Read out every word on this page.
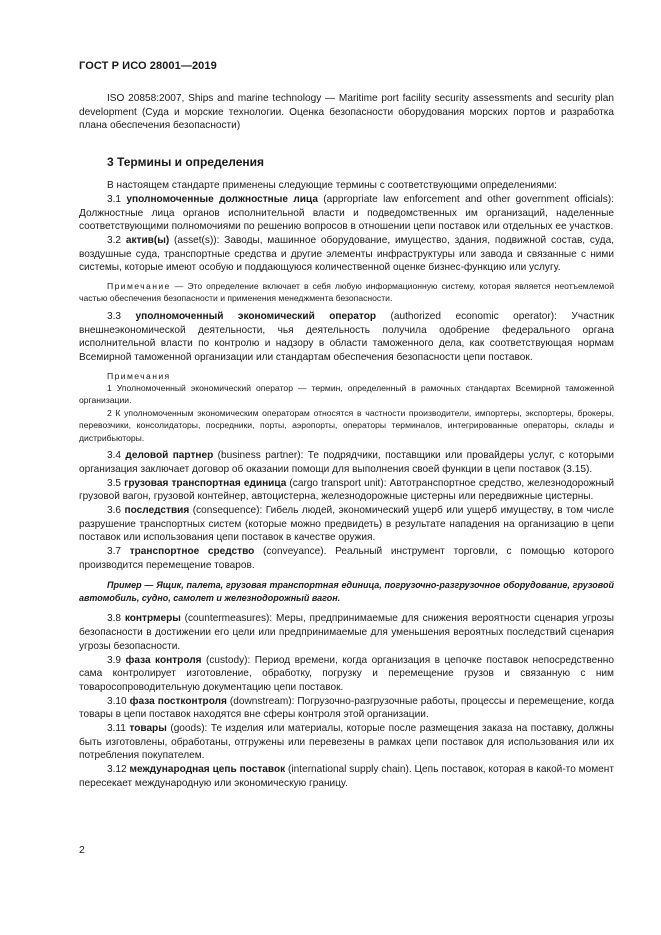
ГОСТ Р ИСО 28001—2019

ISO 20858:2007, Ships and marine technology — Maritime port facility security assessments and security plan development (Суда и морские технологии. Оценка безопасности оборудования морских портов и разработка плана обеспечения безопасности)

3 Термины и определения

В настоящем стандарте применены следующие термины с соответствующими определениями:

3.1 уполномоченные должностные лица (appropriate law enforcement and other government officials): Должностные лица органов исполнительной власти и подведомственных им организаций, наделенные соответствующими полномочиями по решению вопросов в отношении цепи поставок или отдельных ее участков.

3.2 актив(ы) (asset(s)): Заводы, машинное оборудование, имущество, здания, подвижной состав, суда, воздушные суда, транспортные средства и другие элементы инфраструктуры или завода и связанные с ними системы, которые имеют особую и поддающуюся количественной оценке бизнес-функцию или услугу.

Примечание — Это определение включает в себя любую информационную систему, которая является неотъемлемой частью обеспечения безопасности и применения менеджмента безопасности.

3.3 уполномоченный экономический оператор (authorized economic operator): Участник внешнеэкономической деятельности, чья деятельность получила одобрение федерального органа исполнительной власти по контролю и надзору в области таможенного дела, как соответствующая нормам Всемирной таможенной организации или стандартам обеспечения безопасности цепи поставок.

Примечания

1 Уполномоченный экономический оператор — термин, определенный в рамочных стандартах Всемирной таможенной организации.

2 К уполномоченным экономическим операторам относятся в частности производители, импортеры, экспортеры, брокеры, перевозчики, консолидаторы, посредники, порты, аэропорты, операторы терминалов, интегрированные операторы, склады и дистрибьюторы.

3.4 деловой партнер (business partner): Те подрядчики, поставщики или провайдеры услуг, с которыми организация заключает договор об оказании помощи для выполнения своей функции в цепи поставок (3.15).

3.5 грузовая транспортная единица (cargo transport unit): Автотранспортное средство, железнодорожный грузовой вагон, грузовой контейнер, автоцистерна, железнодорожные цистерны или передвижные цистерны.

3.6 последствия (consequence): Гибель людей, экономический ущерб или ущерб имуществу, в том числе разрушение транспортных систем (которые можно предвидеть) в результате нападения на организацию в цепи поставок или использования цепи поставок в качестве оружия.

3.7 транспортное средство (conveyance). Реальный инструмент торговли, с помощью которого производится перемещение товаров.

Пример — Ящик, палета, грузовая транспортная единица, погрузочно-разгрузочное оборудование, грузовой автомобиль, судно, самолет и железнодорожный вагон.

3.8 контрмеры (countermeasures): Меры, предпринимаемые для снижения вероятности сценария угрозы безопасности в достижении его цели или предпринимаемые для уменьшения вероятных последствий сценария угрозы безопасности.

3.9 фаза контроля (custody): Период времени, когда организация в цепочке поставок непосредственно сама контролирует изготовление, обработку, погрузку и перемещение грузов и связанную с ним товаросопроводительную документацию цепи поставок.

3.10 фаза постконтроля (downstream): Погрузочно-разгрузочные работы, процессы и перемещение, когда товары в цепи поставок находятся вне сферы контроля этой организации.

3.11 товары (goods): Те изделия или материалы, которые после размещения заказа на поставку, должны быть изготовлены, обработаны, отгружены или перевезены в рамках цепи поставок для использования или их потребления покупателем.

3.12 международная цепь поставок (international supply chain). Цепь поставок, которая в какой-то момент пересекает международную или экономическую границу.

2
